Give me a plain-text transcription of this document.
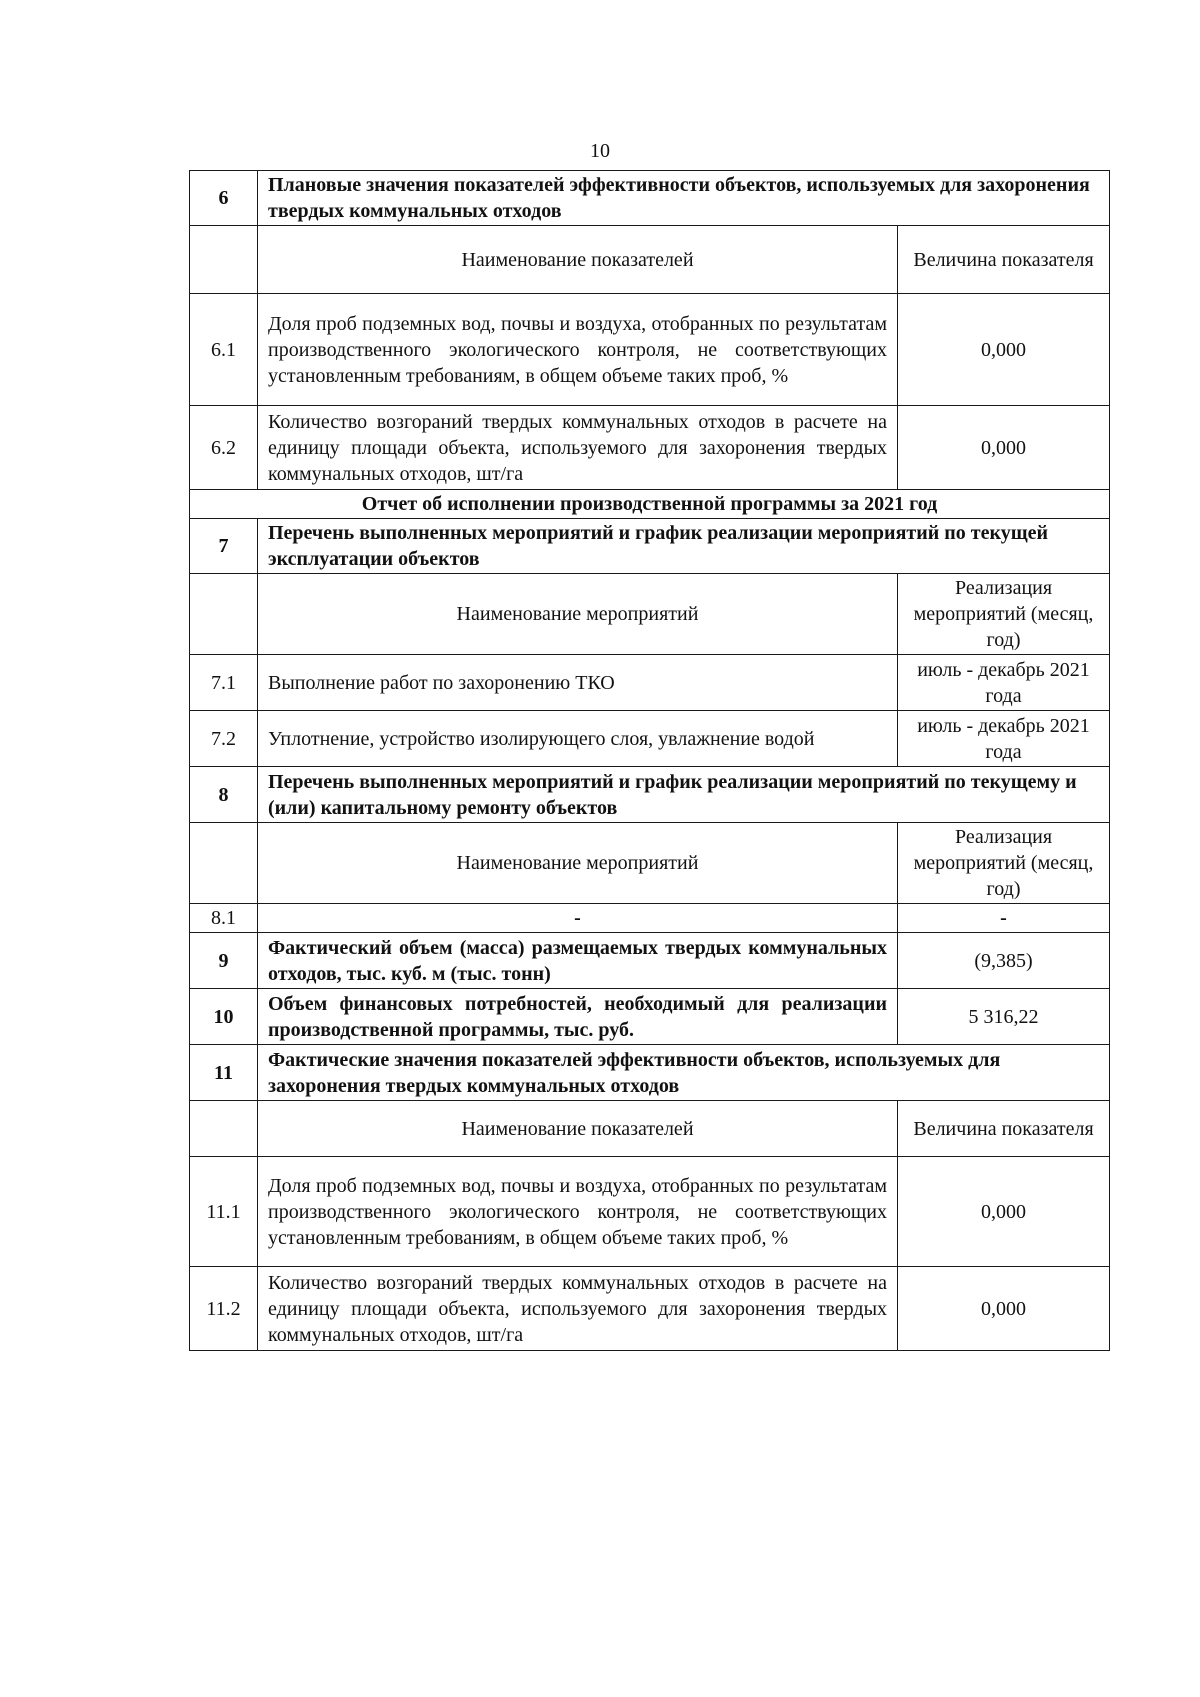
10
6	Плановые значения показателей эффективности объектов, используемых для захоронения твердых коммунальных отходов	
	Наименование показателей	Величина показателя
6.1	Доля проб подземных вод, почвы и воздуха, отобранных по результатам производственного экологического контроля, не соответствующих установленным требованиям, в общем объеме таких проб, %	0,000
6.2	Количество возгораний твердых коммунальных отходов в расчете на единицу площади объекта, используемого для захоронения твердых коммунальных отходов, шт/га	0,000
Отчет об исполнении производственной программы за 2021 год		
7	Перечень выполненных мероприятий и график реализации мероприятий по текущей эксплуатации объектов	
	Наименование мероприятий	Реализация мероприятий (месяц, год)
7.1	Выполнение работ по захоронению ТКО	июль - декабрь 2021 года
7.2	Уплотнение, устройство изолирующего слоя, увлажнение водой	июль - декабрь 2021 года
8	Перечень выполненных мероприятий и график реализации мероприятий по текущему и (или) капитальному ремонту объектов	
	Наименование мероприятий	Реализация мероприятий (месяц, год)
8.1	-	-
9	Фактический объем (масса) размещаемых твердых коммунальных отходов, тыс. куб. м (тыс. тонн)	(9,385)
10	Объем финансовых потребностей, необходимый для реализации производственной программы, тыс. руб.	5 316,22
11	Фактические значения показателей эффективности объектов, используемых для захоронения твердых коммунальных отходов	
	Наименование показателей	Величина показателя
11.1	Доля проб подземных вод, почвы и воздуха, отобранных по результатам производственного экологического контроля, не соответствующих установленным требованиям, в общем объеме таких проб, %	0,000
11.2	Количество возгораний твердых коммунальных отходов в расчете на единицу площади объекта, используемого для захоронения твердых коммунальных отходов, шт/га	0,000
